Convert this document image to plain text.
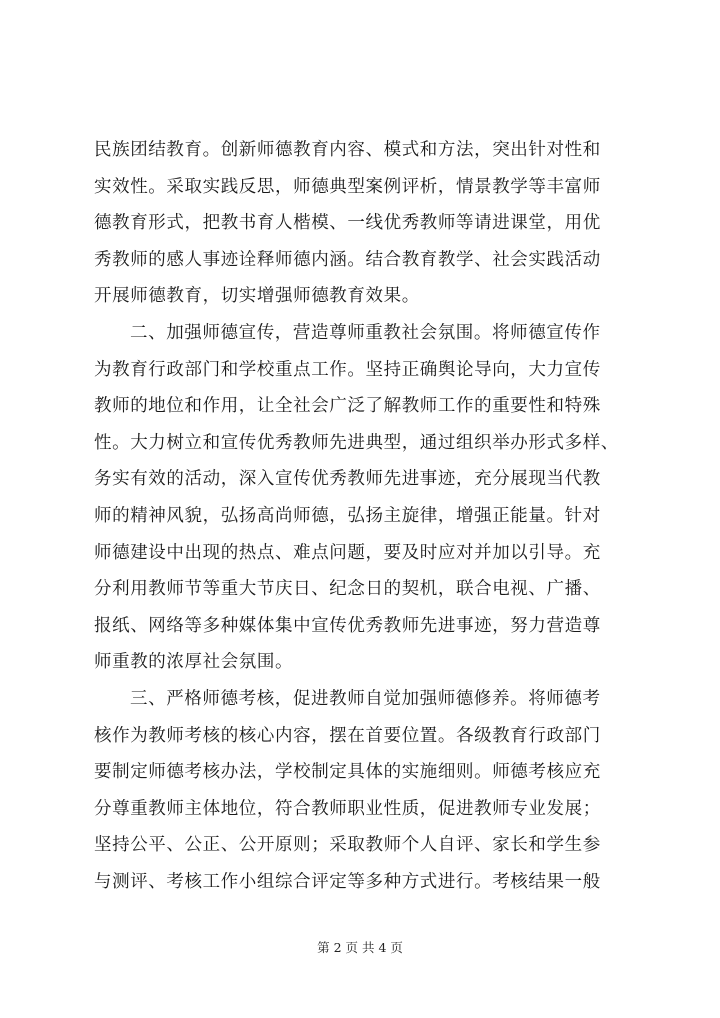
民族团结教育。创新师德教育内容、模式和方法，突出针对性和
实效性。采取实践反思，师德典型案例评析，情景教学等丰富师
德教育形式，把教书育人楷模、一线优秀教师等请进课堂，用优
秀教师的感人事迹诠释师德内涵。结合教育教学、社会实践活动
开展师德教育，切实增强师德教育效果。
二、加强师德宣传，营造尊师重教社会氛围。将师德宣传作
为教育行政部门和学校重点工作。坚持正确舆论导向，大力宣传
教师的地位和作用，让全社会广泛了解教师工作的重要性和特殊
性。大力树立和宣传优秀教师先进典型，通过组织举办形式多样、
务实有效的活动，深入宣传优秀教师先进事迹，充分展现当代教
师的精神风貌，弘扬高尚师德，弘扬主旋律，增强正能量。针对
师德建设中出现的热点、难点问题，要及时应对并加以引导。充
分利用教师节等重大节庆日、纪念日的契机，联合电视、广播、
报纸、网络等多种媒体集中宣传优秀教师先进事迹，努力营造尊
师重教的浓厚社会氛围。
三、严格师德考核，促进教师自觉加强师德修养。将师德考
核作为教师考核的核心内容，摆在首要位置。各级教育行政部门
要制定师德考核办法，学校制定具体的实施细则。师德考核应充
分尊重教师主体地位，符合教师职业性质，促进教师专业发展；
坚持公平、公正、公开原则；采取教师个人自评、家长和学生参
与测评、考核工作小组综合评定等多种方式进行。考核结果一般
第 2 页 共 4 页
